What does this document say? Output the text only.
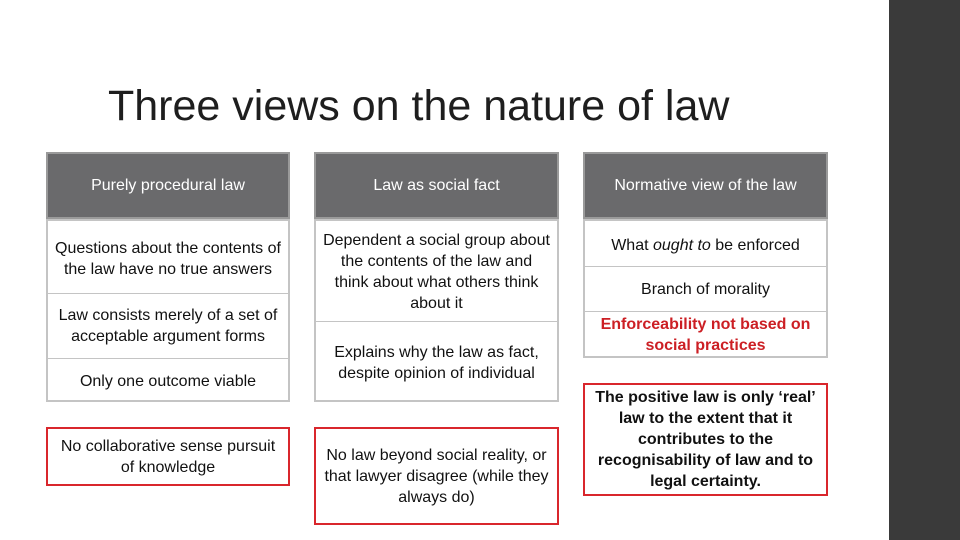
Three views on the nature of law
Purely procedural law
Questions about the contents of the law have no true answers
Law consists merely of a set of acceptable argument forms
Only one outcome viable
No collaborative sense pursuit of knowledge
Law as social fact
Dependent a social group about the contents of the law and think about what others think about it
Explains why the law as fact, despite opinion of individual
No law beyond social reality, or that lawyer disagree (while they always do)
Normative view of the law
What ought to be enforced
Branch of morality
Enforceability not based on social practices
The positive law is only ‘real’ law to the extent that it contributes to the recognisability of law and to legal certainty.
